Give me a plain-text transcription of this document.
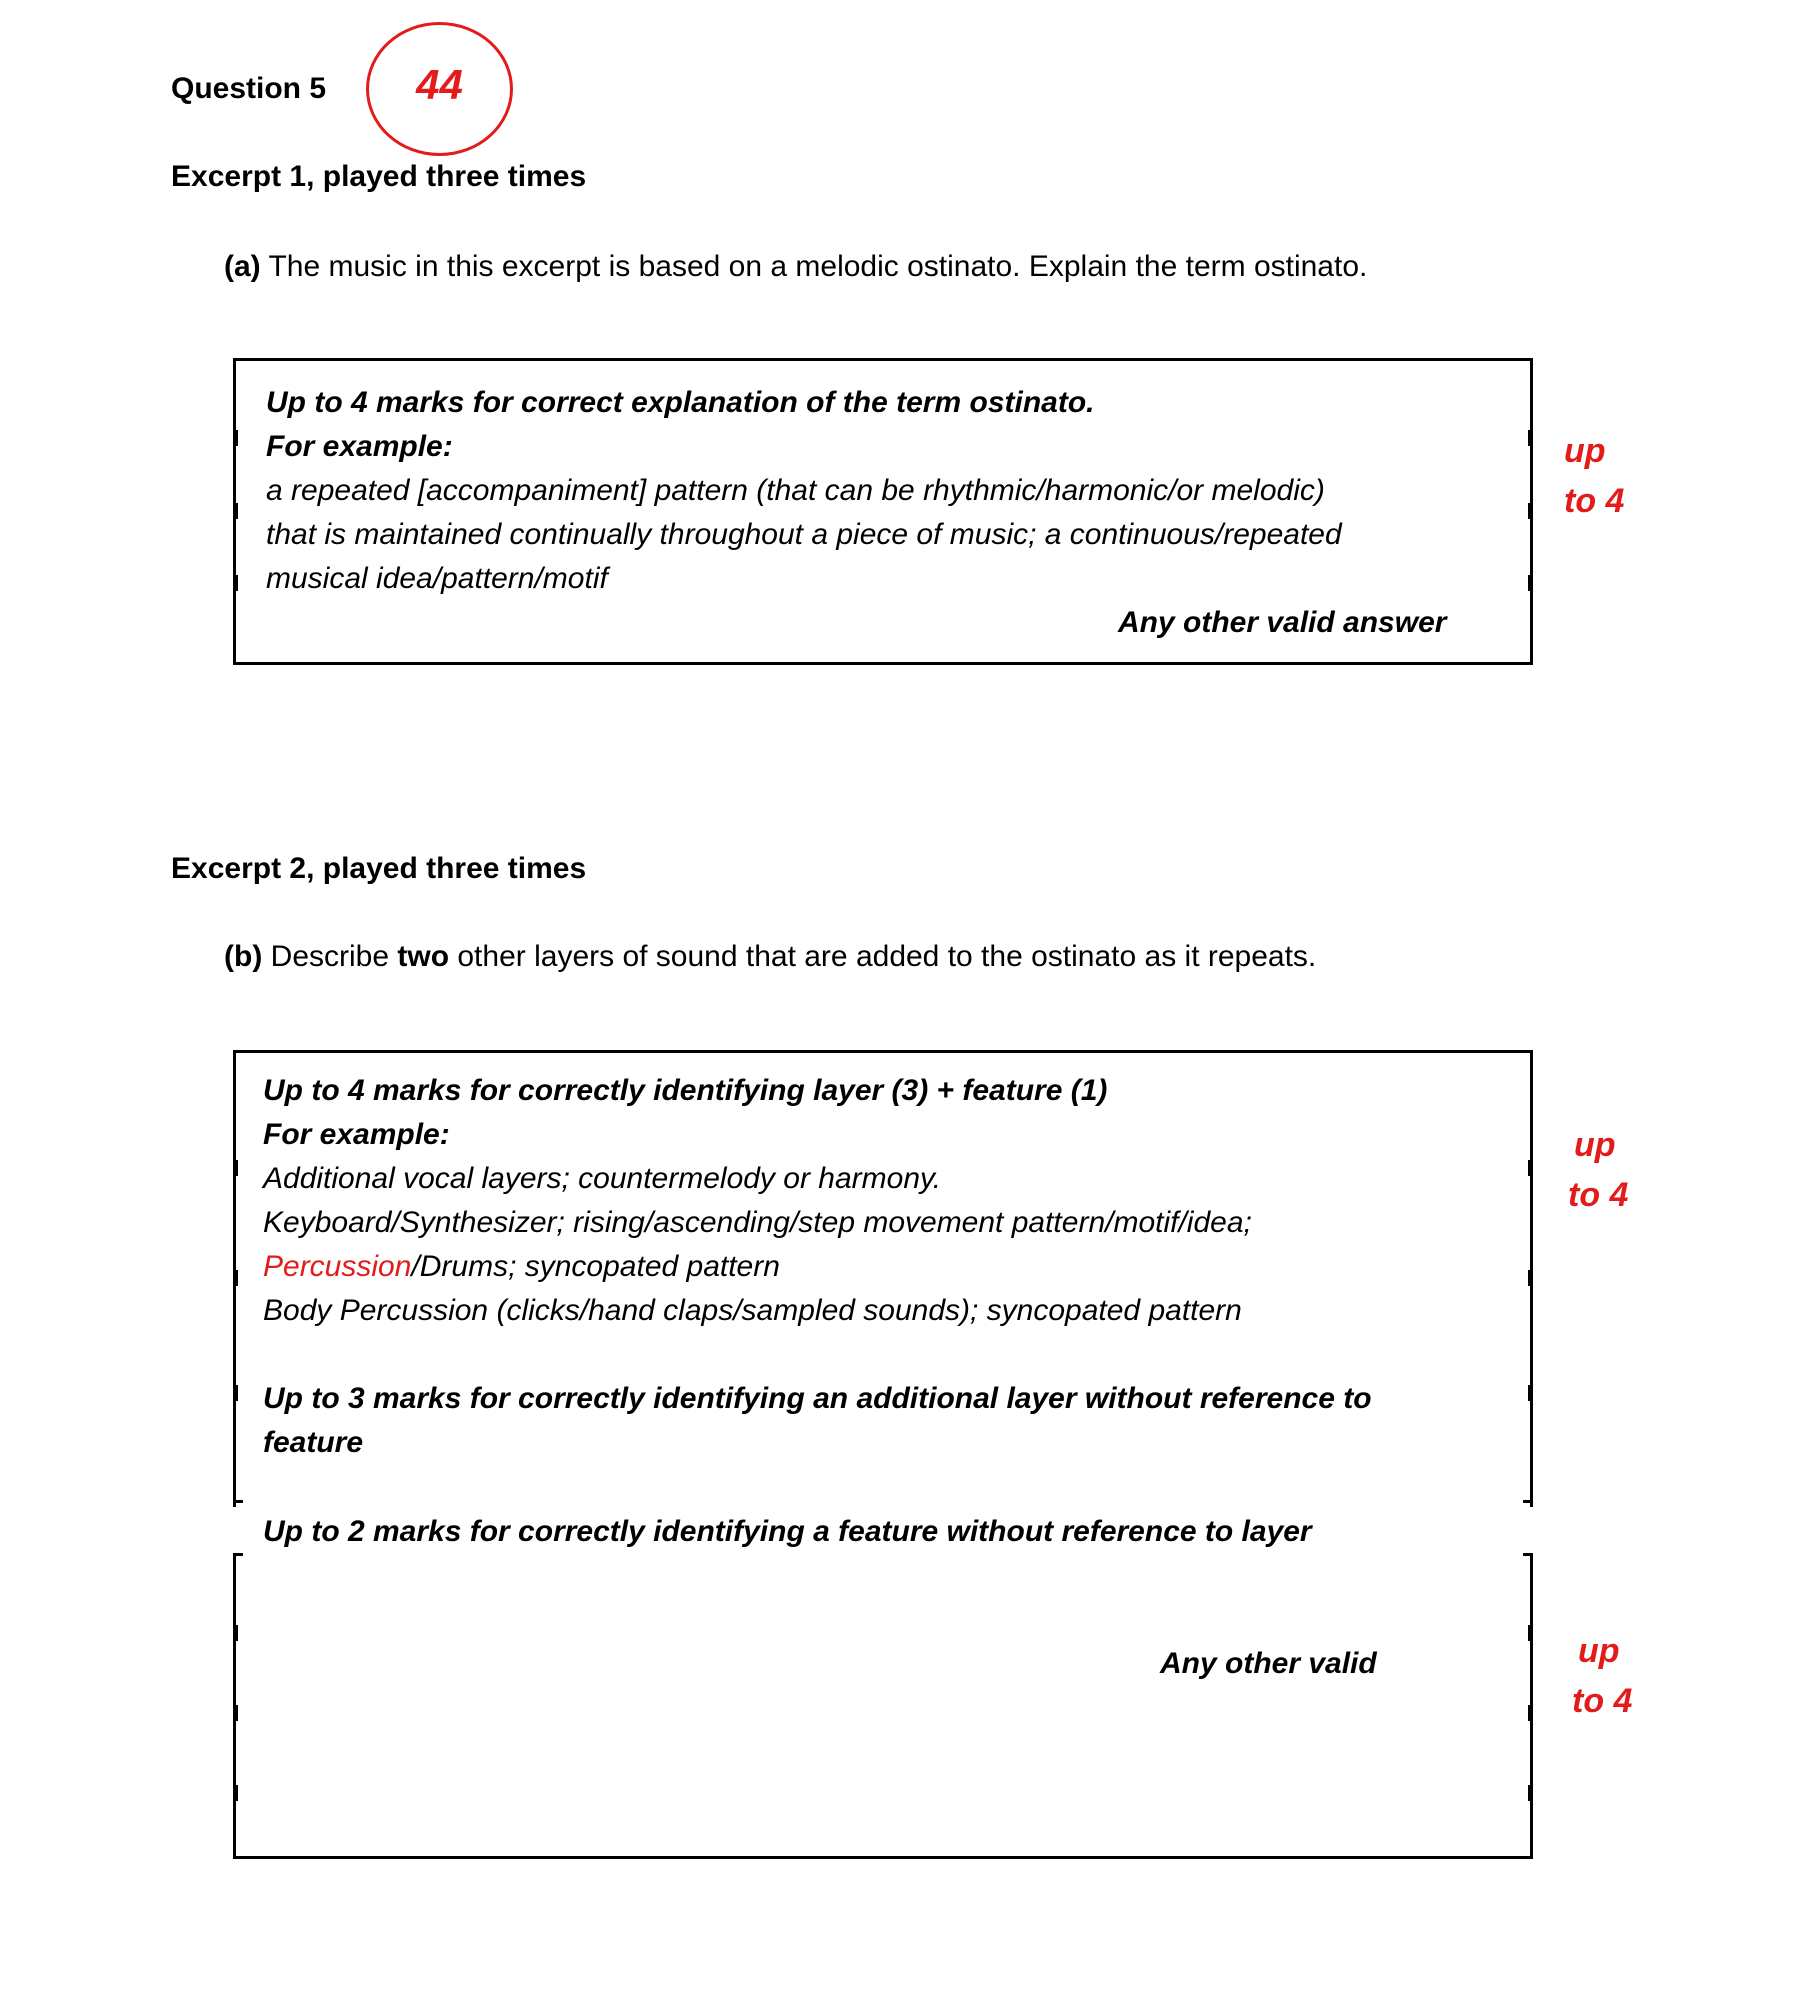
Question 5	44
Excerpt 1, played three times
(a) The music in this excerpt is based on a melodic ostinato. Explain the term ostinato.
Up to 4 marks for correct explanation of the term ostinato.
For example:
a repeated [accompaniment] pattern (that can be rhythmic/harmonic/or melodic)
that is maintained continually throughout a piece of music; a continuous/repeated
musical idea/pattern/motif
Any other valid answer
up
to 4
Excerpt 2, played three times
(b) Describe two other layers of sound that are added to the ostinato as it repeats.
Up to 4 marks for correctly identifying layer (3) + feature (1)
For example:
Additional vocal layers; countermelody or harmony.
Keyboard/Synthesizer; rising/ascending/step movement pattern/motif/idea;
Percussion/Drums; syncopated pattern
Body Percussion (clicks/hand claps/sampled sounds); syncopated pattern
Up to 3 marks for correctly identifying an additional layer without reference to
feature
Up to 2 marks for correctly identifying a feature without reference to layer
Any other valid
up
to 4
up
to 4
